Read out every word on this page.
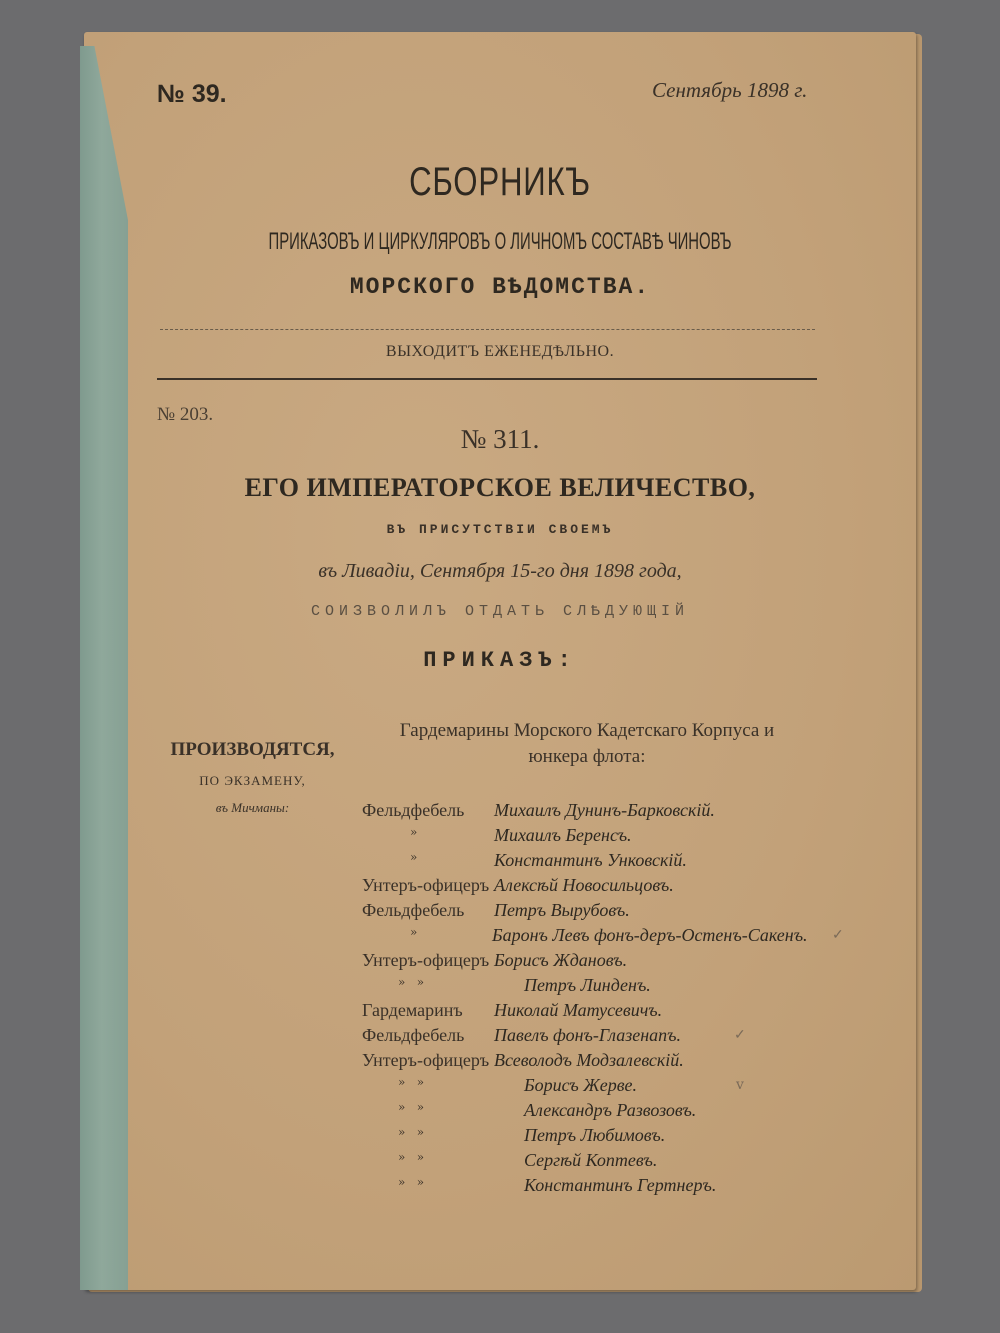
№ 39.	Сентябрь 1898 г.
СБОРНИКЪ
ПРИКАЗОВЪ И ЦИРКУЛЯРОВЪ О ЛИЧНОМЪ СОСТАВѢ ЧИНОВЪ
МОРСКОГО ВѢДОМСТВА.
ВЫХОДИТЪ ЕЖЕНЕДѢЛЬНО.
№ 203.
№ 311.
ЕГО ИМПЕРАТОРСКОЕ ВЕЛИЧЕСТВО,
ВЪ ПРИСУТСТВІИ СВОЕМЪ
въ Ливадіи, Сентября 15-го дня 1898 года,
СОИЗВОЛИЛЪ ОТДАТЬ СЛѢДУЮЩІЙ
ПРИКАЗЪ:
ПРОИЗВОДЯТСЯ,
ПО ЭКЗАМЕНУ,
въ Мичманы:
Гардемарины Морского Кадетскаго Корпуса и
юнкера флота:
Фельдфебель Михаилъ Дунинъ-Барковскій.
»	Михаилъ Беренсъ.
»	Константинъ Унковскій.
Унтеръ-офицеръ Алексѣй Новосильцовъ.
Фельдфебель Петръ Вырубовъ.
»	Баронъ Левъ фонъ-деръ-Остенъ-Сакенъ. ✓
Унтеръ-офицеръ Борисъ Ждановъ.
»   »	Петръ Линденъ.
Гардемаринъ Николай Матусевичъ.
Фельдфебель Павелъ фонъ-Глазенапъ.	✓
Унтеръ-офицеръ Всеволодъ Модзалевскій.
»   »	Борисъ Жерве.	v
»   »	Александръ Развозовъ.
»   »	Петръ Любимовъ.
»   »	Сергѣй Коптевъ.
»   »	Константинъ Гертнеръ.
